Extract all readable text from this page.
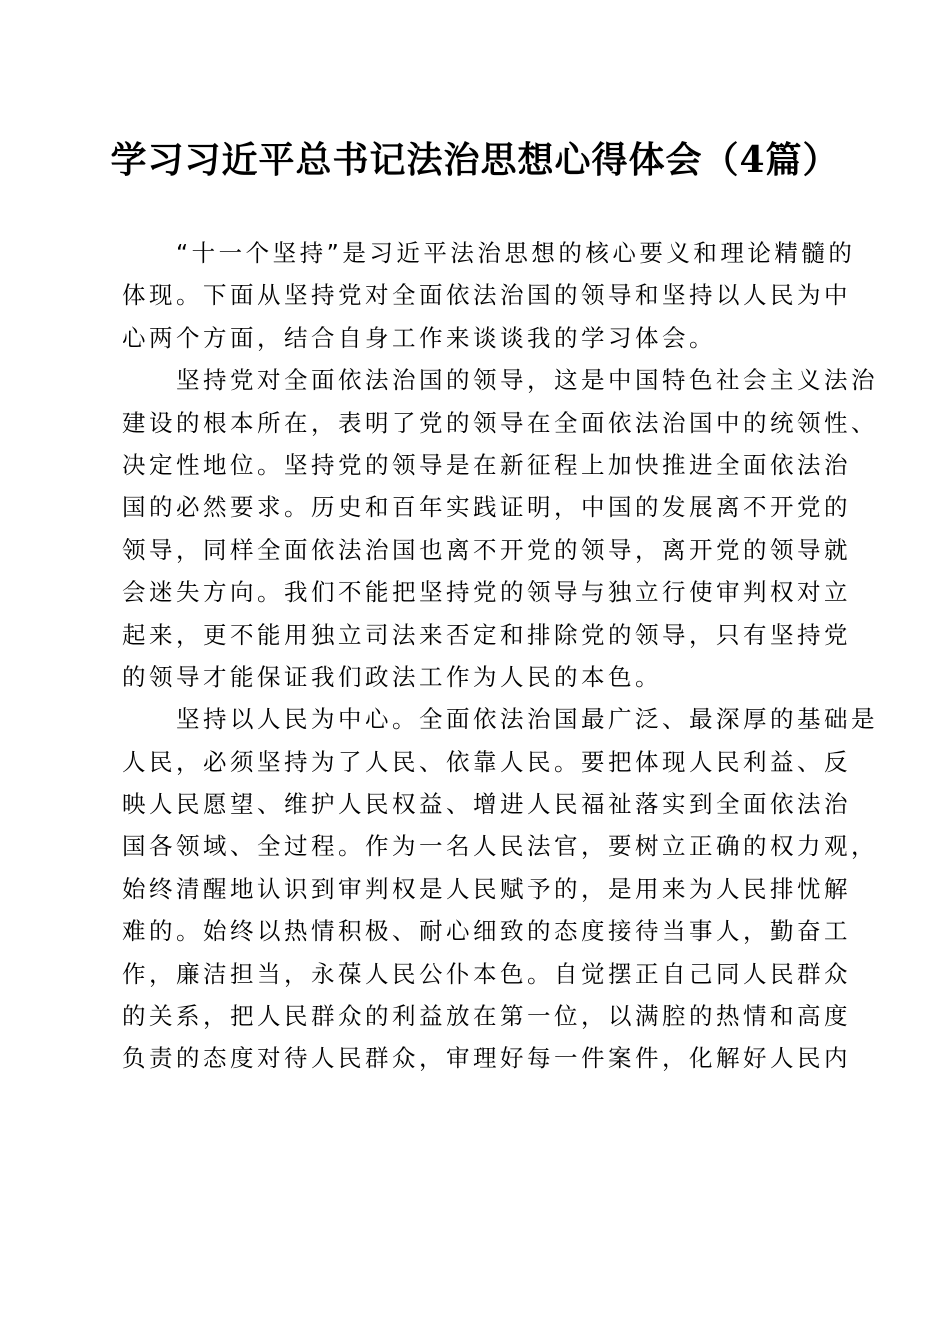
学习习近平总书记法治思想心得体会（4篇）
　　“十一个坚持”是习近平法治思想的核心要义和理论精髓的
体现。下面从坚持党对全面依法治国的领导和坚持以人民为中
心两个方面，结合自身工作来谈谈我的学习体会。
　　坚持党对全面依法治国的领导，这是中国特色社会主义法治
建设的根本所在，表明了党的领导在全面依法治国中的统领性、
决定性地位。坚持党的领导是在新征程上加快推进全面依法治
国的必然要求。历史和百年实践证明，中国的发展离不开党的
领导，同样全面依法治国也离不开党的领导，离开党的领导就
会迷失方向。我们不能把坚持党的领导与独立行使审判权对立
起来，更不能用独立司法来否定和排除党的领导，只有坚持党
的领导才能保证我们政法工作为人民的本色。
　　坚持以人民为中心。全面依法治国最广泛、最深厚的基础是
人民，必须坚持为了人民、依靠人民。要把体现人民利益、反
映人民愿望、维护人民权益、增进人民福祉落实到全面依法治
国各领域、全过程。作为一名人民法官，要树立正确的权力观，
始终清醒地认识到审判权是人民赋予的，是用来为人民排忧解
难的。始终以热情积极、耐心细致的态度接待当事人，勤奋工
作，廉洁担当，永葆人民公仆本色。自觉摆正自己同人民群众
的关系，把人民群众的利益放在第一位，以满腔的热情和高度
负责的态度对待人民群众，审理好每一件案件，化解好人民内
